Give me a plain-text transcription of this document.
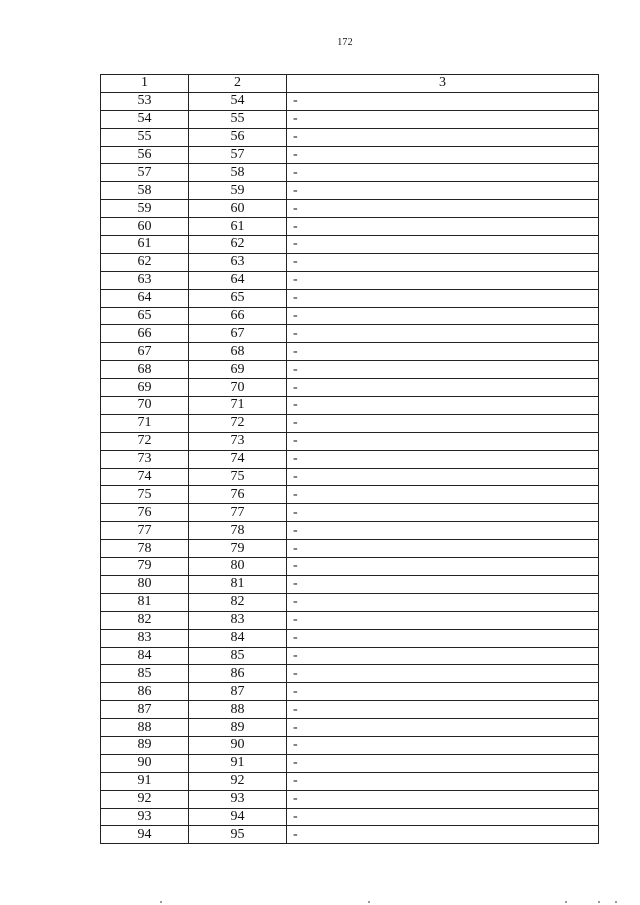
172
1	2	3
53	54	-
54	55	-
55	56	-
56	57	-
57	58	-
58	59	-
59	60	-
60	61	-
61	62	-
62	63	-
63	64	-
64	65	-
65	66	-
66	67	-
67	68	-
68	69	-
69	70	-
70	71	-
71	72	-
72	73	-
73	74	-
74	75	-
75	76	-
76	77	-
77	78	-
78	79	-
79	80	-
80	81	-
81	82	-
82	83	-
83	84	-
84	85	-
85	86	-
86	87	-
87	88	-
88	89	-
89	90	-
90	91	-
91	92	-
92	93	-
93	94	-
94	95	-
